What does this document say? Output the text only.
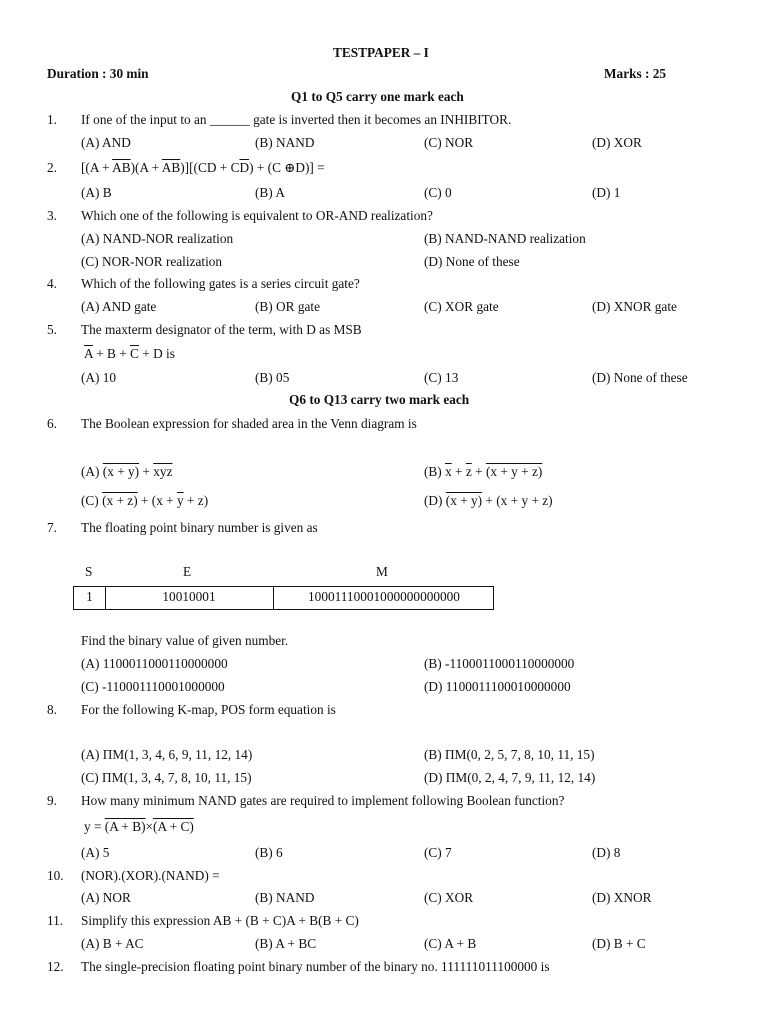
TESTPAPER – I
Duration : 30 min	Marks : 25
Q1 to Q5 carry one mark each
1. If one of the input to an ______ gate is inverted then it becomes an INHIBITOR.
(A) AND	(B) NAND	(C) NOR	(D) XOR
2. $[(A + \overline{AB})(A + \overline{AB})][(CD + C\overline{D}) + (C$ ⊕D)] =
(A) B	(B) A	(C) 0	(D) 1
3. Which one of the following is equivalent to OR-AND realization?
(A) NAND-NOR realization	(B) NAND-NAND realization
(C) NOR-NOR realization	(D) None of these
4. Which of the following gates is a series circuit gate?
(A) AND gate	(B) OR gate	(C) XOR gate	(D) XNOR gate
5. The maxterm designator of the term, with D as MSB
$\overline{A} + B + \overline{C} + D$ is
(A) 10	(B) 05	(C) 13	(D) None of these
Q6 to Q13 carry two mark each
6. The Boolean expression for shaded area in the Venn diagram is
(A) $(x + y) + \overline{xyz}$	(B) $\overline{x} + \overline{z} + (x + y + z)$
(C) $(x + z) + (x + \overline{y} + z)$	(D) (x + y) + (x + y + z)
7. The floating point binary number is given as
S	E	M
1	10010001	10001110001000000000000
Find the binary value of given number.
(A) 1100011000110000000	(B) -1100011000110000000
(C) -110001110001000000	(D) 1100011100010000000
8. For the following K-map, POS form equation is
(A) ΠM(1, 3, 4, 6, 9, 11, 12, 14)	(B) ΠM(0, 2, 5, 7, 8, 10, 11, 15)
(C) ΠM(1, 3, 4, 7, 8, 10, 11, 15)	(D) ΠM(0, 2, 4, 7, 9, 11, 12, 14)
9. How many minimum NAND gates are required to implement following Boolean function?
y = (A + B)×(A + C)
(A) 5	(B) 6	(C) 7	(D) 8
10. (NOR).(XOR).(NAND) =
(A) NOR	(B) NAND	(C) XOR	(D) XNOR
11. Simplify this expression AB + (B + C)A + B(B + C)
(A) B + AC	(B) A + BC	(C) A + B	(D) B + C
12. The single-precision floating point binary number of the binary no. 111111011100000 is
